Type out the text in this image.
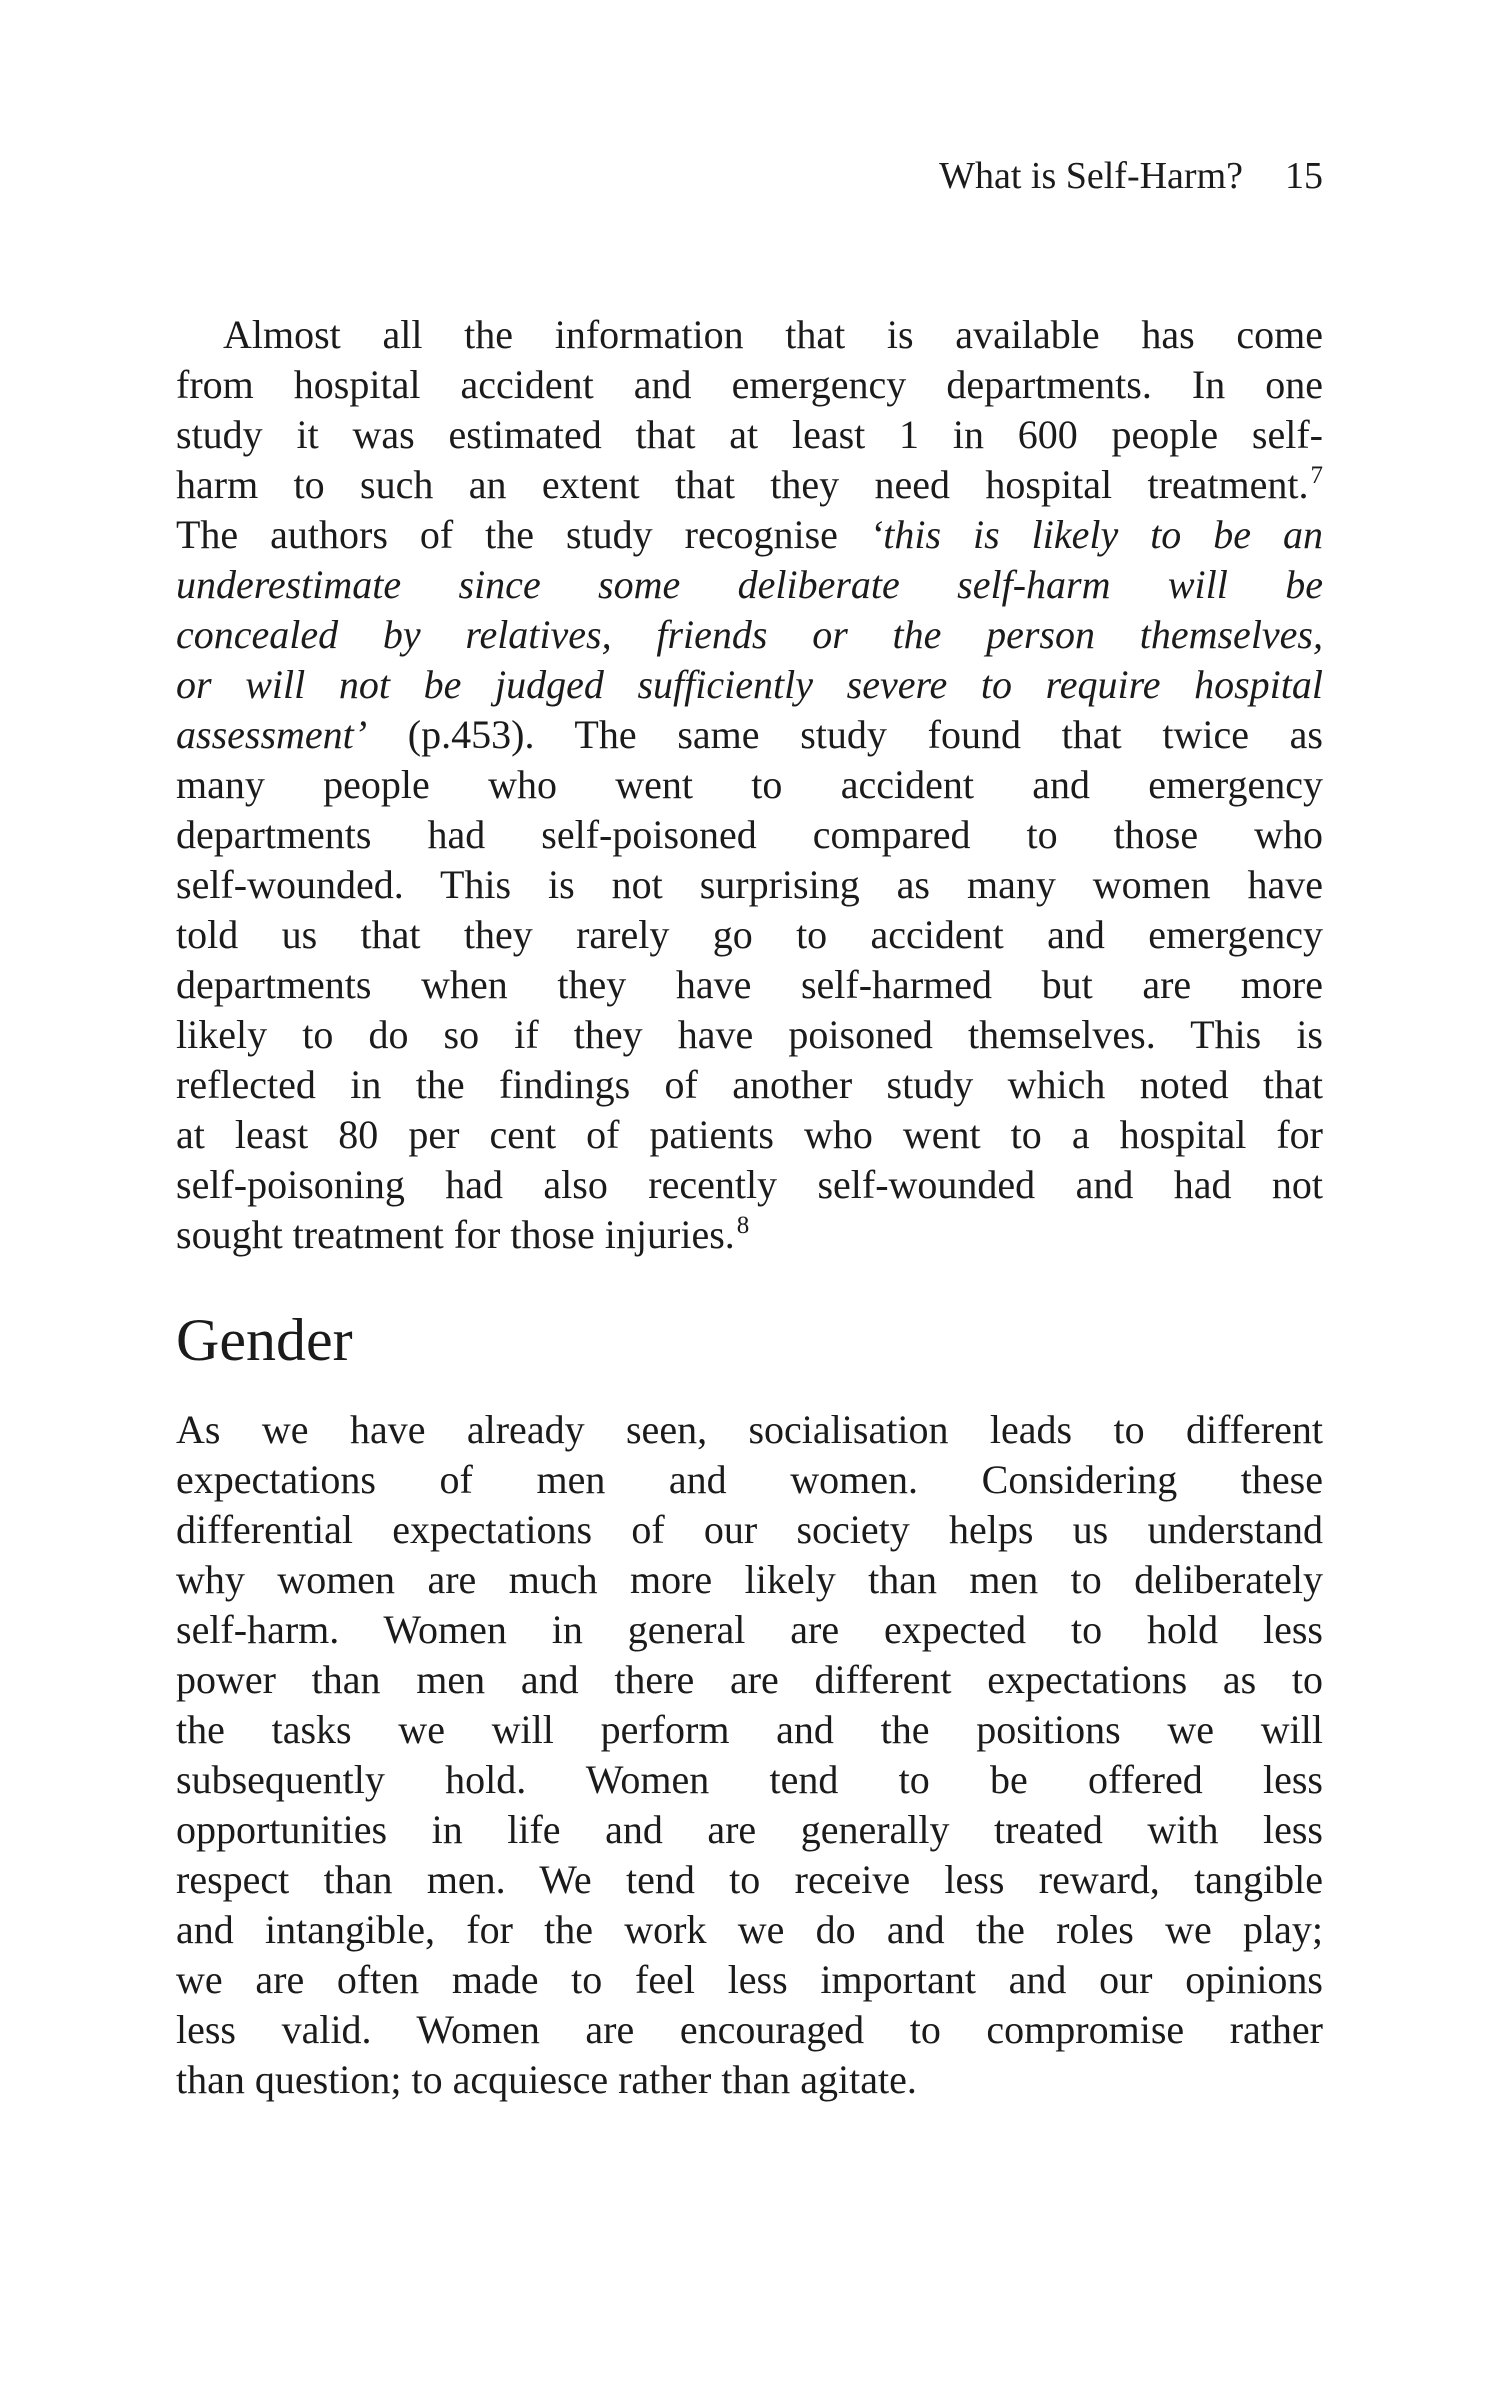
What is Self-Harm? 15
Almost all the information that is available has come
from hospital accident and emergency departments. In one
study it was estimated that at least 1 in 600 people self-
harm to such an extent that they need hospital treatment.$^7$
The authors of the study recognise ‘this is likely to be an
underestimate since some deliberate self-harm will be
concealed by relatives, friends or the person themselves,
or will not be judged sufficiently severe to require hospital
assessment’ (p.453). The same study found that twice as
many people who went to accident and emergency
departments had self-poisoned compared to those who
self-wounded. This is not surprising as many women have
told us that they rarely go to accident and emergency
departments when they have self-harmed but are more
likely to do so if they have poisoned themselves. This is
reflected in the findings of another study which noted that
at least 80 per cent of patients who went to a hospital for
self-poisoning had also recently self-wounded and had not
sought treatment for those injuries.$^8$
Gender
As we have already seen, socialisation leads to different
expectations of men and women. Considering these
differential expectations of our society helps us understand
why women are much more likely than men to deliberately
self-harm. Women in general are expected to hold less
power than men and there are different expectations as to
the tasks we will perform and the positions we will
subsequently hold. Women tend to be offered less
opportunities in life and are generally treated with less
respect than men. We tend to receive less reward, tangible
and intangible, for the work we do and the roles we play;
we are often made to feel less important and our opinions
less valid. Women are encouraged to compromise rather
than question; to acquiesce rather than agitate.
